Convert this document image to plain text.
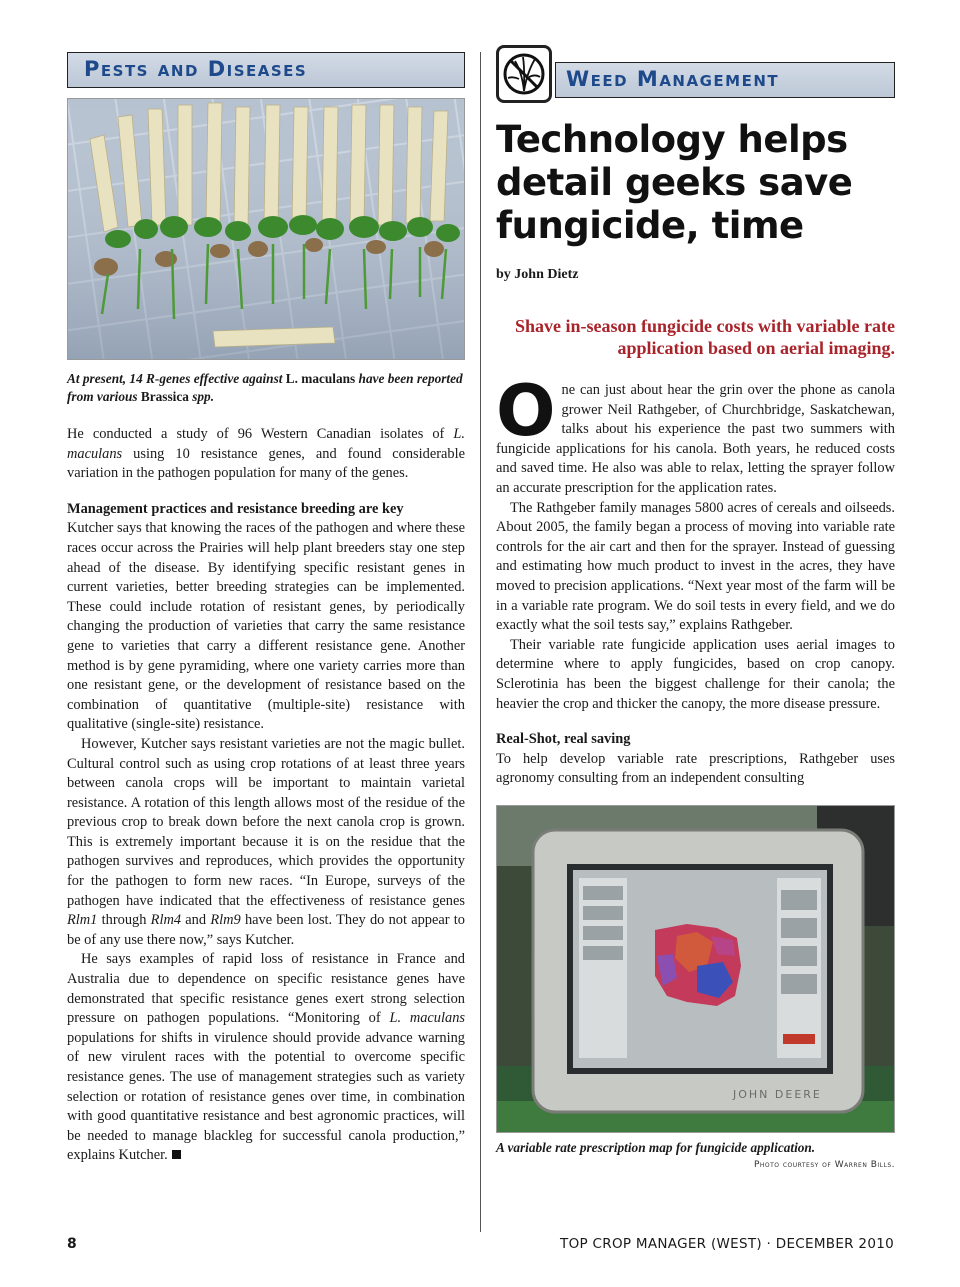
Pests and Diseases
At present, 14 R-genes effective against L. maculans have been reported from various Brassica spp.

He conducted a study of 96 Western Canadian isolates of L. maculans using 10 resistance genes, and found considerable variation in the pathogen population for many of the genes.

Management practices and resistance breeding are key

Kutcher says that knowing the races of the pathogen and where these races occur across the Prairies will help plant breeders stay one step ahead of the disease. By identifying specific resistant genes in current varieties, better breeding strategies can be implemented. These could include rotation of resistant genes, by periodically changing the production of varieties that carry the same resistance gene to varieties that carry a different resistance gene. Another method is by gene pyramiding, where one variety carries more than one resistant gene, or the development of resistance based on the combination of quantitative (multiple-site) resistance with qualitative (single-site) resistance.

However, Kutcher says resistant varieties are not the magic bullet. Cultural control such as using crop rotations of at least three years between canola crops will be important to maintain varietal resistance. A rotation of this length allows most of the residue of the previous crop to break down before the next canola crop is grown. This is extremely important because it is on the residue that the pathogen survives and reproduces, which provides the opportunity for the pathogen to form new races. “In Europe, surveys of the pathogen have indicated that the effectiveness of resistance genes Rlm1 through Rlm4 and Rlm9 have been lost. They do not appear to be of any use there now,” says Kutcher.

He says examples of rapid loss of resistance in France and Australia due to dependence on specific resistance genes have demonstrated that specific resistance genes exert strong selection pressure on pathogen populations. “Monitoring of L. maculans populations for shifts in virulence should provide advance warning of new virulent races with the potential to overcome specific resistance genes. The use of management strategies such as variety selection or rotation of resistance genes over time, in combination with good quantitative resistance and best agronomic practices, will be needed to manage blackleg for successful canola production,” explains Kutcher.

Weed Management
Technology helps detail geeks save fungicide, time
by John Dietz
Shave in-season fungicide costs with variable rate application based on aerial imaging.

One can just about hear the grin over the phone as canola grower Neil Rathgeber, of Churchbridge, Saskatchewan, talks about his experience the past two summers with fungicide applications for his canola. Both years, he reduced costs and saved time. He also was able to relax, letting the sprayer follow an accurate prescription for the application rates.

The Rathgeber family manages 5800 acres of cereals and oilseeds. About 2005, the family began a process of moving into variable rate controls for the air cart and then for the sprayer. Instead of guessing and estimating how much product to invest in the acres, they have moved to precision applications. “Next year most of the farm will be in a variable rate program. We do soil tests in every field, and we do exactly what the soil tests say,” explains Rathgeber.

Their variable rate fungicide application uses aerial images to determine where to apply fungicides, based on crop canopy. Sclerotinia has been the biggest challenge for their canola; the heavier the crop and thicker the canopy, the more disease pressure.

Real-Shot, real saving

To help develop variable rate prescriptions, Rathgeber uses agronomy consulting from an independent consulting

JOHN DEERE
A variable rate prescription map for fungicide application.
Photo courtesy of Warren Bills.
8	TOP CROP MANAGER (WEST) · DECEMBER 2010
